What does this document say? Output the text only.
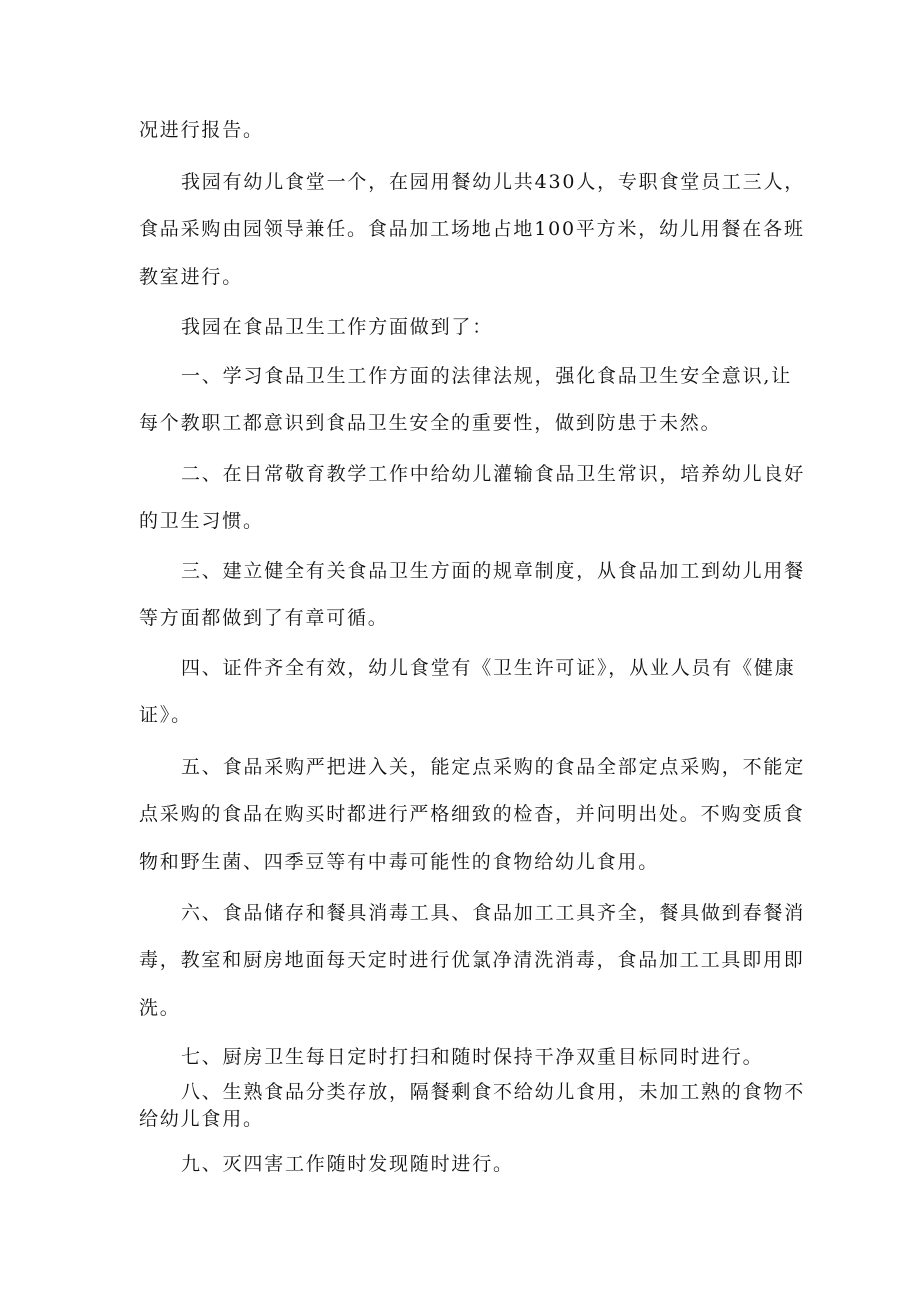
况进行报告。
我园有幼儿食堂一个，在园用餐幼儿共430人，专职食堂员工三人，
食品采购由园领导兼任。食品加工场地占地100平方米，幼儿用餐在各班
教室进行。
我园在食品卫生工作方面做到了：
一、学习食品卫生工作方面的法律法规，强化食品卫生安全意识,让
每个教职工都意识到食品卫生安全的重要性，做到防患于未然。
二、在日常敬育教学工作中给幼儿灌输食品卫生常识，培养幼儿良好
的卫生习惯。
三、建立健全有关食品卫生方面的规章制度，从食品加工到幼儿用餐
等方面都做到了有章可循。
四、证件齐全有效，幼儿食堂有《卫生许可证》，从业人员有《健康
证》。
五、食品采购严把进入关，能定点采购的食品全部定点采购，不能定
点采购的食品在购买时都进行严格细致的检杳，并问明出处。不购变质食
物和野生菌、四季豆等有中毒可能性的食物给幼儿食用。
六、食品储存和餐具消毒工具、食品加工工具齐全，餐具做到春餐消
毒，教室和厨房地面每天定时进行优氯净清洗消毒，食品加工工具即用即
洗。
七、厨房卫生每日定时打扫和随时保持干净双重目标同时进行。
八、生熟食品分类存放，隔餐剩食不给幼儿食用，未加工熟的食物不
给幼儿食用。
九、灭四害工作随时发现随时进行。
